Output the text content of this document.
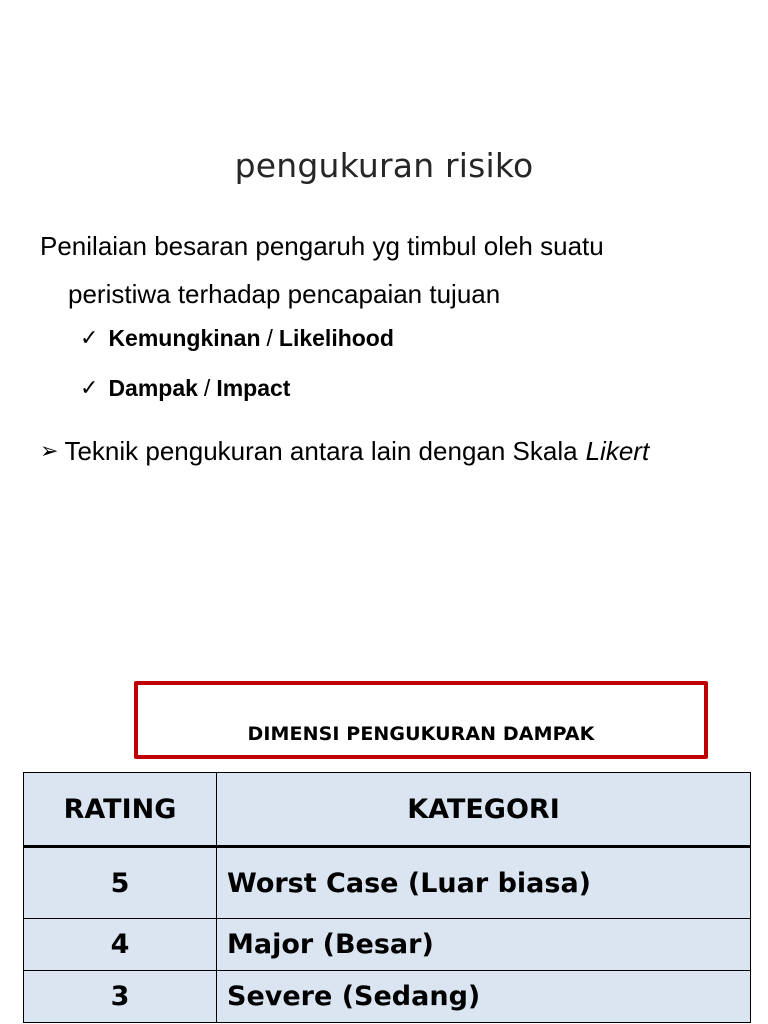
pengukuran risiko
Penilaian besaran pengaruh yg timbul oleh suatu
peristiwa terhadap pencapaian tujuan
✓ Kemungkinan / Likelihood
✓ Dampak / Impact
➢ Teknik pengukuran antara lain dengan Skala Likert
DIMENSI PENGUKURAN DAMPAK
RATING	KATEGORI
5	Worst Case (Luar biasa)
4	Major (Besar)
3	Severe (Sedang)
